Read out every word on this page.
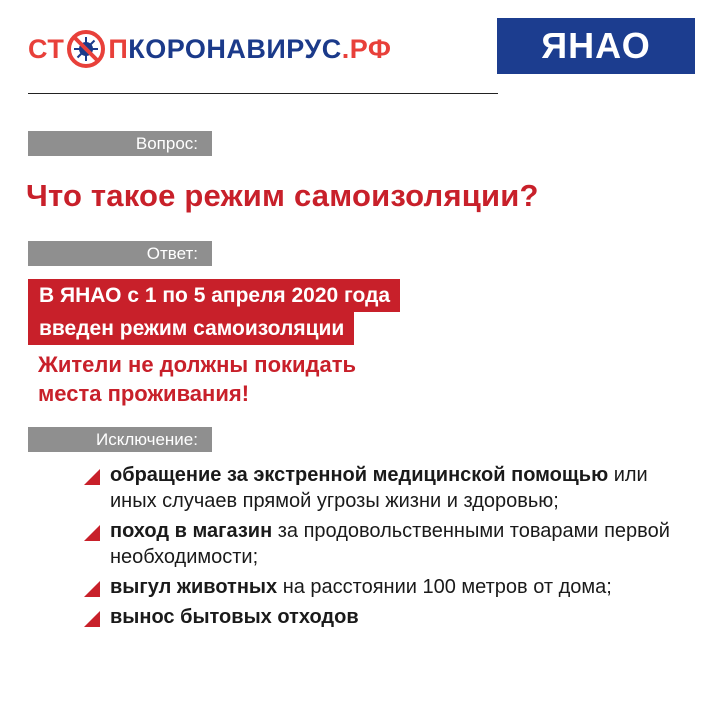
СТ П КОРОНАВИРУС .РФ	ЯНАО
Вопрос:
Что такое режим самоизоляции?
Ответ:
В ЯНАО с 1 по 5 апреля 2020 года
введен режим самоизоляции
Жители не должны покидать
места проживания!
Исключение:
обращение за экстренной медицинской помощью или иных случаев прямой угрозы жизни и здоровью;
поход в магазин за продовольственными товарами первой необходимости;
выгул животных на расстоянии 100 метров от дома;
вынос бытовых отходов
